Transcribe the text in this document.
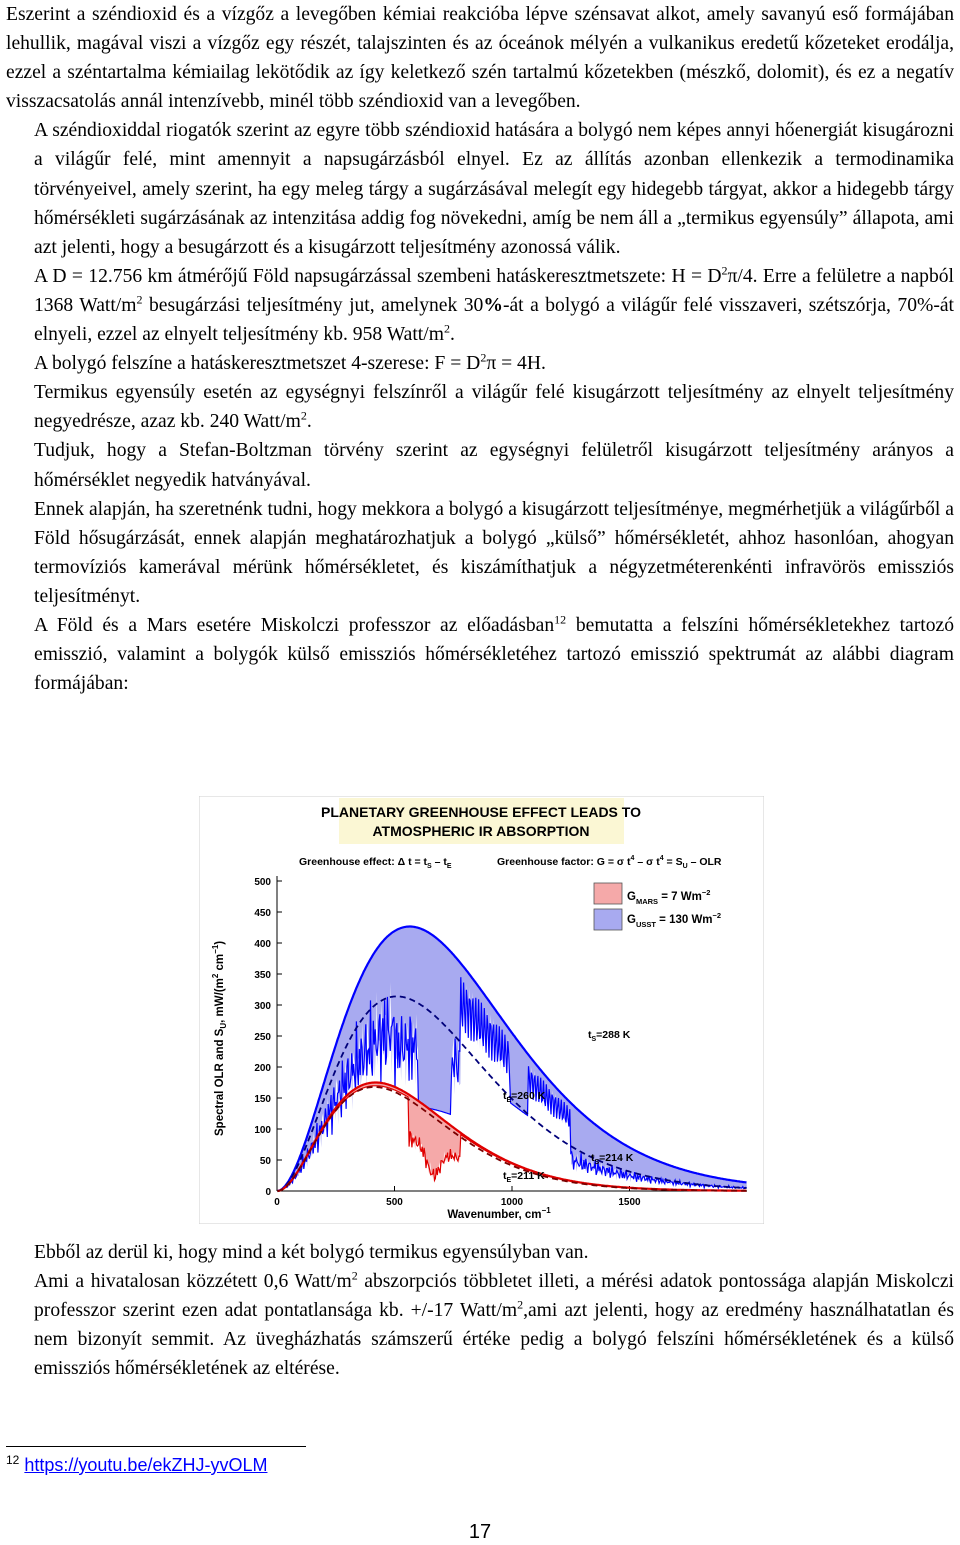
Eszerint a széndioxid és a vízgőz a levegőben kémiai reakcióba lépve szénsavat alkot, amely savanyú eső formájában lehullik, magával viszi a vízgőz egy részét, talajszinten és az óceánok mélyén a vulkanikus eredetű kőzeteket erodálja, ezzel a széntartalma kémiailag lekötődik az így keletkező szén tartalmú kőzetekben (mészkő, dolomit), és ez a negatív visszacsatolás annál intenzívebb, minél több széndioxid van a levegőben.

A széndioxiddal riogatók szerint az egyre több széndioxid hatására a bolygó nem képes annyi hőenergiát kisugározni a világűr felé, mint amennyit a napsugárzásból elnyel. Ez az állítás azonban ellenkezik a termodinamika törvényeivel, amely szerint, ha egy meleg tárgy a sugárzásával melegít egy hidegebb tárgyat, akkor a hidegebb tárgy hőmérsékleti sugárzásának az intenzitása addig fog növekedni, amíg be nem áll a „termikus egyensúly” állapota, ami azt jelenti, hogy a besugárzott és a kisugárzott teljesítmény azonossá válik.

A D = 12.756 km átmérőjű Föld napsugárzással szembeni hatáskeresztmetszete: $H = D^2\pi/4$. Erre a felületre a napból 1368 Watt/$m^2$ besugárzási teljesítmény jut, amelynek 30%-át a bolygó a világűr felé visszaveri, szétszórja, 70%-át elnyeli, ezzel az elnyelt teljesítmény kb. 958 Watt/$m^2$.

A bolygó felszíne a hatáskeresztmetszet 4-szerese: $F = D^2\pi = 4H$.

Termikus egyensúly esetén az egységnyi felszínről a világűr felé kisugárzott teljesítmény az elnyelt teljesítmény negyedrésze, azaz kb. 240 Watt/$m^2$.

Tudjuk, hogy a Stefan-Boltzman törvény szerint az egységnyi felületről kisugárzott teljesítmény arányos a hőmérséklet negyedik hatványával.

Ennek alapján, ha szeretnénk tudni, hogy mekkora a bolygó a kisugárzott teljesítménye, megmérhetjük a világűrből a Föld hősugárzását, ennek alapján meghatározhatjuk a bolygó „külső” hőmérsékletét, ahhoz hasonlóan, ahogyan termovíziós kamerával mérünk hőmérsékletet, és kiszámíthatjuk a négyzetméterenkénti infravörös emissziós teljesítményt.

A Föld és a Mars esetére Miskolczi professzor az előadásban$^{12}$ bemutatta a felszíni hőmérsékletekhez tartozó emisszió, valamint a bolygók külső emissziós hőmérsékletéhez tartozó emisszió spektrumát az alábbi diagram formájában:

PLANETARY GREENHOUSE EFFECT LEADS TO
ATMOSPHERIC IR ABSORPTION
Greenhouse effect: Δ $t = t_S - t_E$	Greenhouse factor: G = σ $t^4$ – σ $t^4 = S_U$ – OLR
0
50
100
150
200
250
300
350
400
450
500
0	500	1000	1500
$G_{MARS} = 7$ $Wm^{-2}$
$G_{USST} = 130$ $Wm^{-2}$
Spectral OLR and $S_U$, $mW/(m^2$ $cm^{-1}$)
Wavenumber, $cm^{-1}$
$t_S=288$ K
$t_E=260$ K
$t_S=214$ K
$t_E=211$ K

Ebből az derül ki, hogy mind a két bolygó termikus egyensúlyban van.

Ami a hivatalosan közzétett 0,6 Watt/$m^2$ abszorpciós többletet illeti, a mérési adatok pontossága alapján Miskolczi professzor szerint ezen adat pontatlansága kb. +/-17 Watt/$m^2,ami$ azt jelenti, hogy az eredmény használhatatlan és nem bizonyít semmit. Az üvegházhatás számszerű értéke pedig a bolygó felszíni hőmérsékletének és a külső emissziós hőmérsékletének az eltérése.

$^{12}$ https://youtu.be/ekZHJ-yvOLM
17
